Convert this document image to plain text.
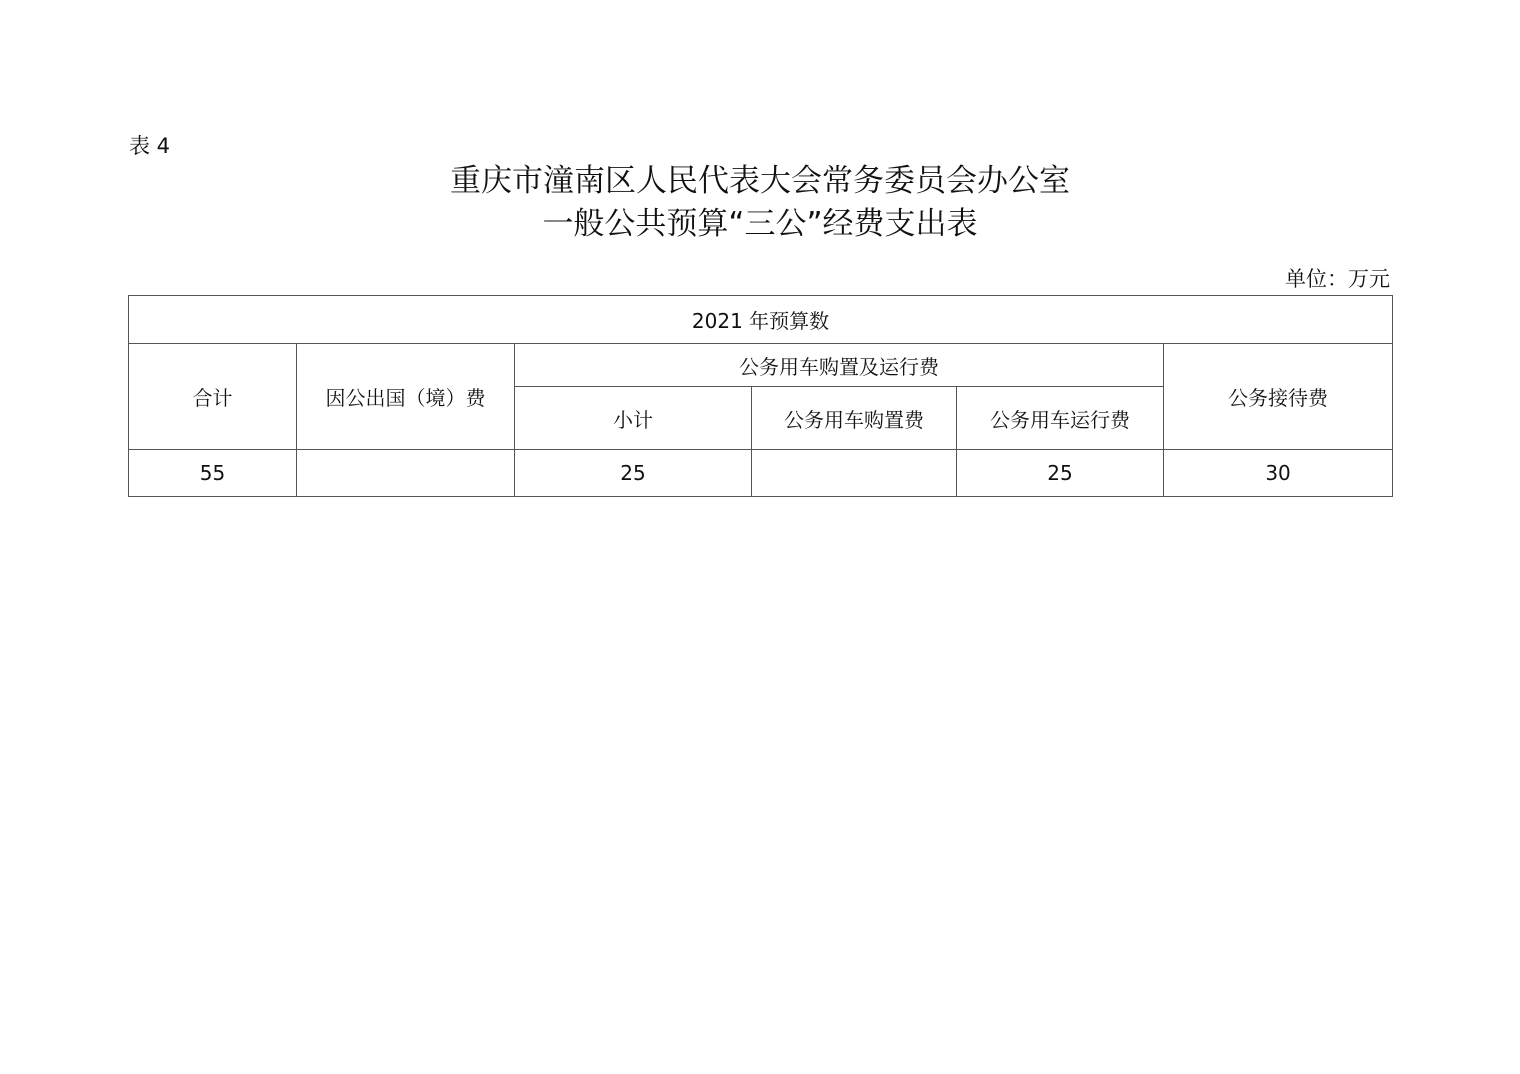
表 4
重庆市潼南区人民代表大会常务委员会办公室
一般公共预算“三公”经费支出表
单位：万元
2021 年预算数					
合计	因公出国（境）费	公务用车购置及运行费			公务接待费
		小计	公务用车购置费	公务用车运行费	
55		25		25	30
